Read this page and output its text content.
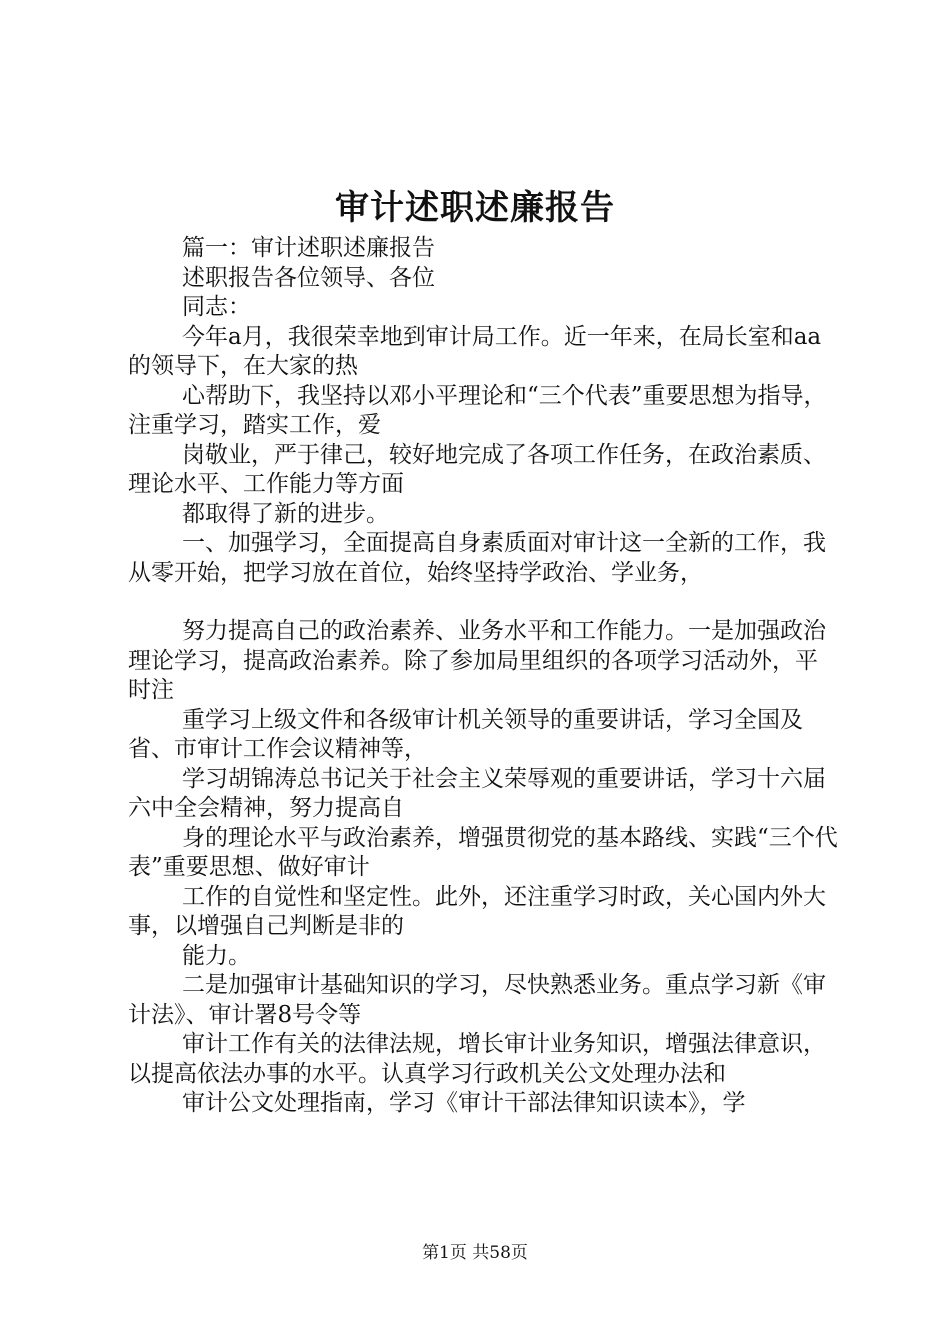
审计述职述廉报告

篇一：审计述职述廉报告

述职报告各位领导、各位

同志：

今年a月，我很荣幸地到审计局工作。近一年来，在局长室和aa的领导下，在大家的热

心帮助下，我坚持以邓小平理论和“三个代表”重要思想为指导，注重学习，踏实工作，爱

岗敬业，严于律己，较好地完成了各项工作任务，在政治素质、理论水平、工作能力等方面

都取得了新的进步。

一、加强学习，全面提高自身素质面对审计这一全新的工作，我从零开始，把学习放在首位，始终坚持学政治、学业务，

努力提高自己的政治素养、业务水平和工作能力。一是加强政治理论学习，提高政治素养。除了参加局里组织的各项学习活动外，平时注

重学习上级文件和各级审计机关领导的重要讲话，学习全国及省、市审计工作会议精神等，

学习胡锦涛总书记关于社会主义荣辱观的重要讲话，学习十六届六中全会精神，努力提高自

身的理论水平与政治素养，增强贯彻党的基本路线、实践“三个代表”重要思想、做好审计

工作的自觉性和坚定性。此外，还注重学习时政，关心国内外大事，以增强自己判断是非的

能力。

二是加强审计基础知识的学习，尽快熟悉业务。重点学习新《审计法》、审计署8号令等

审计工作有关的法律法规，增长审计业务知识，增强法律意识，以提高依法办事的水平。认真学习行政机关公文处理办法和

审计公文处理指南，学习《审计干部法律知识读本》，学

第1页 共58页
